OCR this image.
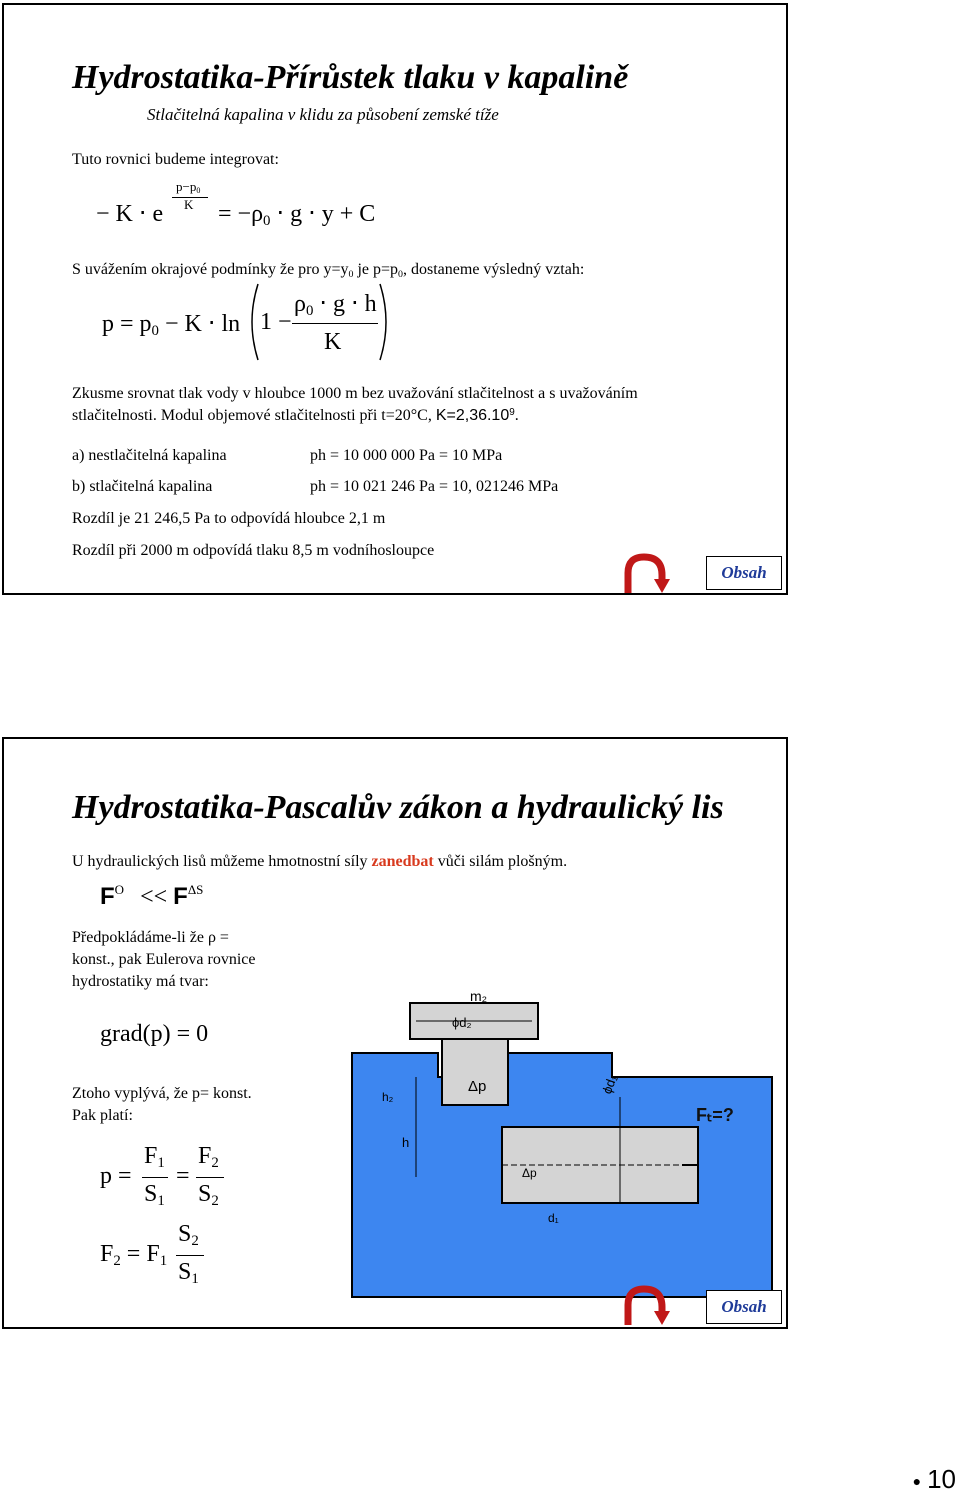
Hydrostatika-Přírůstek tlaku v kapalině
Stlačitelná kapalina v klidu za působení zemské tíže
Tuto rovnici budeme integrovat:
− K ⋅ e
p−p0
K = −ρ0 ⋅ g ⋅ y + C
S uvážením okrajové podmínky že pro y=y0 je p=p0, dostaneme výsledný vztah:
p = p0 − K ⋅ ln 1 −
ρ0 ⋅ g ⋅ h
K
Zkusme srovnat tlak vody v hloubce 1000 m bez uvažování stlačitelnost a s uvažováním
stlačitelnosti. Modul objemové stlačitelnosti při t=20°C, $K=2,36.10^9$.
a) nestlačitelná kapalina	ph = 10 000 000 Pa = 10 MPa
b) stlačitelná kapalina	ph = 10 021 246 Pa = 10, 021246 MPa
Rozdíl je 21 246,5 Pa to odpovídá hloubce 2,1 m
Rozdíl při 2000 m odpovídá tlaku 8,5 m vodníhosloupce
Obsah
Hydrostatika-Pascalův zákon a hydraulický lis
U hydraulických lisů můžeme hmotnostní síly zanedbat vůči silám plošným.
$F^O << F^{\Delta S}$
Předpokládáme-li že ρ =
konst., pak Eulerova rovnice
hydrostatiky má tvar:
grad(p) = 0
Ztoho vyplývá, že p= konst.
Pak platí:
p =
F1
S1
=
F2
S2
F2 = F1
S2
S1
m₂
ϕd₂
Δp
Δp
d₁
ϕd₁
h
h₂
Fₜ=?
Obsah
● 10
